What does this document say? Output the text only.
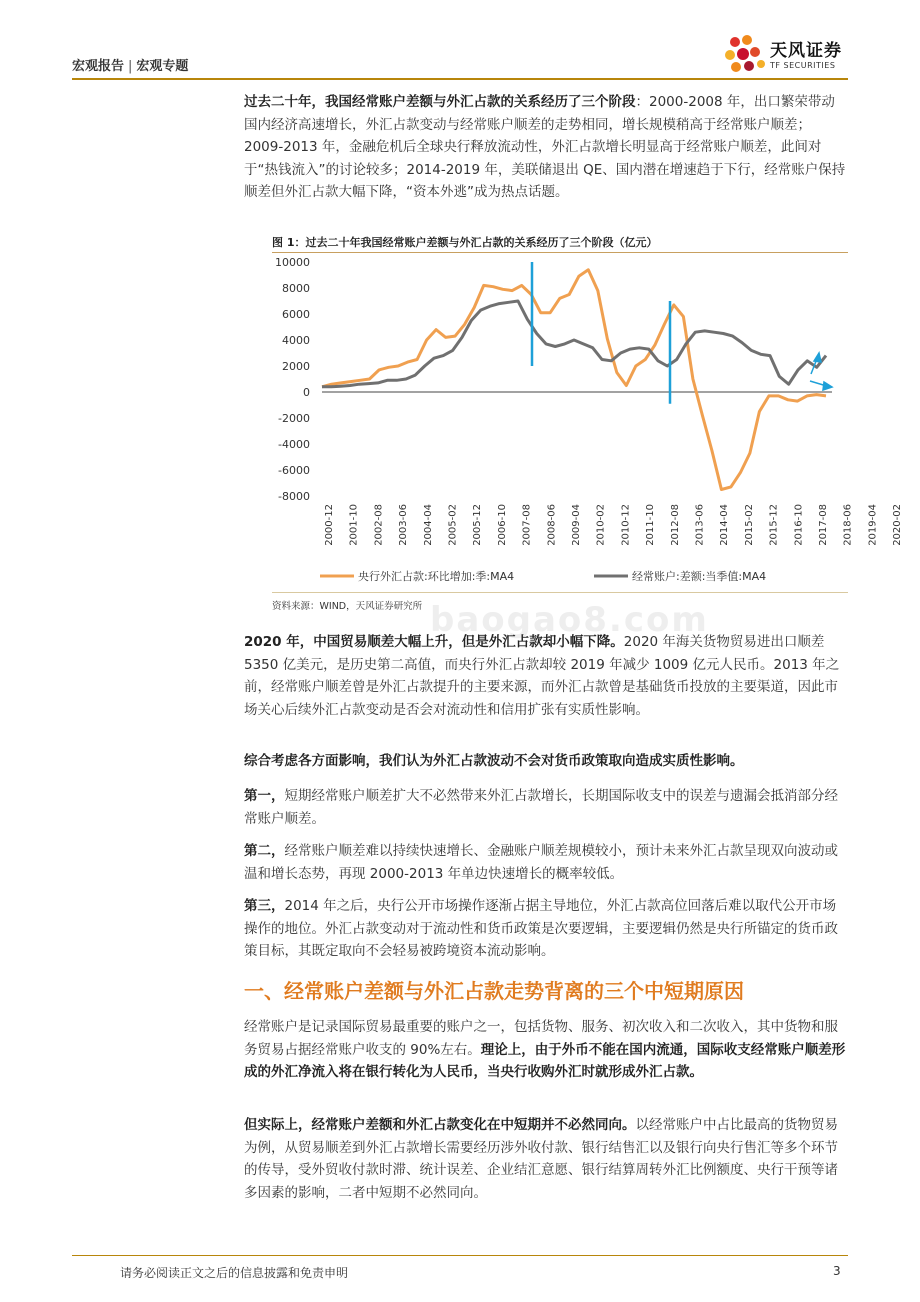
宏观报告 | 宏观专题
天风证券
TF SECURITIES

过去二十年，我国经常账户差额与外汇占款的关系经历了三个阶段：2000-2008 年，出口繁荣带动国内经济高速增长，外汇占款变动与经常账户顺差的走势相同，增长规模稍高于经常账户顺差；2009-2013 年，金融危机后全球央行释放流动性，外汇占款增长明显高于经常账户顺差，此间对于“热钱流入”的讨论较多；2014-2019 年，美联储退出 QE、国内潜在增速趋于下行，经常账户保持顺差但外汇占款大幅下降，“资本外逃”成为热点话题。

图 1：过去二十年我国经常账户差额与外汇占款的关系经历了三个阶段（亿元）
10000
8000
6000
4000
2000
0
-2000
-4000
-6000
-8000
2000-12 2001-10 2002-08 2003-06 2004-04 2005-02 2005-12 2006-10 2007-08 2008-06 2009-04 2010-02 2010-12 2011-10 2012-08 2013-06 2014-04 2015-02 2015-12 2016-10 2017-08 2018-06 2019-04 2020-02
央行外汇占款:环比增加:季:MA4	经常账户:差额:当季值:MA4
资料来源：WIND，天风证券研究所 baogao8.com

2020 年，中国贸易顺差大幅上升，但是外汇占款却小幅下降。2020 年海关货物贸易进出口顺差 5350 亿美元，是历史第二高值，而央行外汇占款却较 2019 年减少 1009 亿元人民币。2013 年之前，经常账户顺差曾是外汇占款提升的主要来源，而外汇占款曾是基础货币投放的主要渠道，因此市场关心后续外汇占款变动是否会对流动性和信用扩张有实质性影响。

综合考虑各方面影响，我们认为外汇占款波动不会对货币政策取向造成实质性影响。

第一，短期经常账户顺差扩大不必然带来外汇占款增长，长期国际收支中的误差与遗漏会抵消部分经常账户顺差。

第二，经常账户顺差难以持续快速增长、金融账户顺差规模较小，预计未来外汇占款呈现双向波动或温和增长态势，再现 2000-2013 年单边快速增长的概率较低。

第三，2014 年之后，央行公开市场操作逐渐占据主导地位，外汇占款高位回落后难以取代公开市场操作的地位。外汇占款变动对于流动性和货币政策是次要逻辑，主要逻辑仍然是央行所锚定的货币政策目标，其既定取向不会轻易被跨境资本流动影响。

一、经常账户差额与外汇占款走势背离的三个中短期原因

经常账户是记录国际贸易最重要的账户之一，包括货物、服务、初次收入和二次收入，其中货物和服务贸易占据经常账户收支的 90%左右。理论上，由于外币不能在国内流通，国际收支经常账户顺差形成的外汇净流入将在银行转化为人民币，当央行收购外汇时就形成外汇占款。

但实际上，经常账户差额和外汇占款变化在中短期并不必然同向。以经常账户中占比最高的货物贸易为例，从贸易顺差到外汇占款增长需要经历涉外收付款、银行结售汇以及银行向央行售汇等多个环节的传导，受外贸收付款时滞、统计误差、企业结汇意愿、银行结算周转外汇比例额度、央行干预等诸多因素的影响，二者中短期不必然同向。

请务必阅读正文之后的信息披露和免责申明	3
